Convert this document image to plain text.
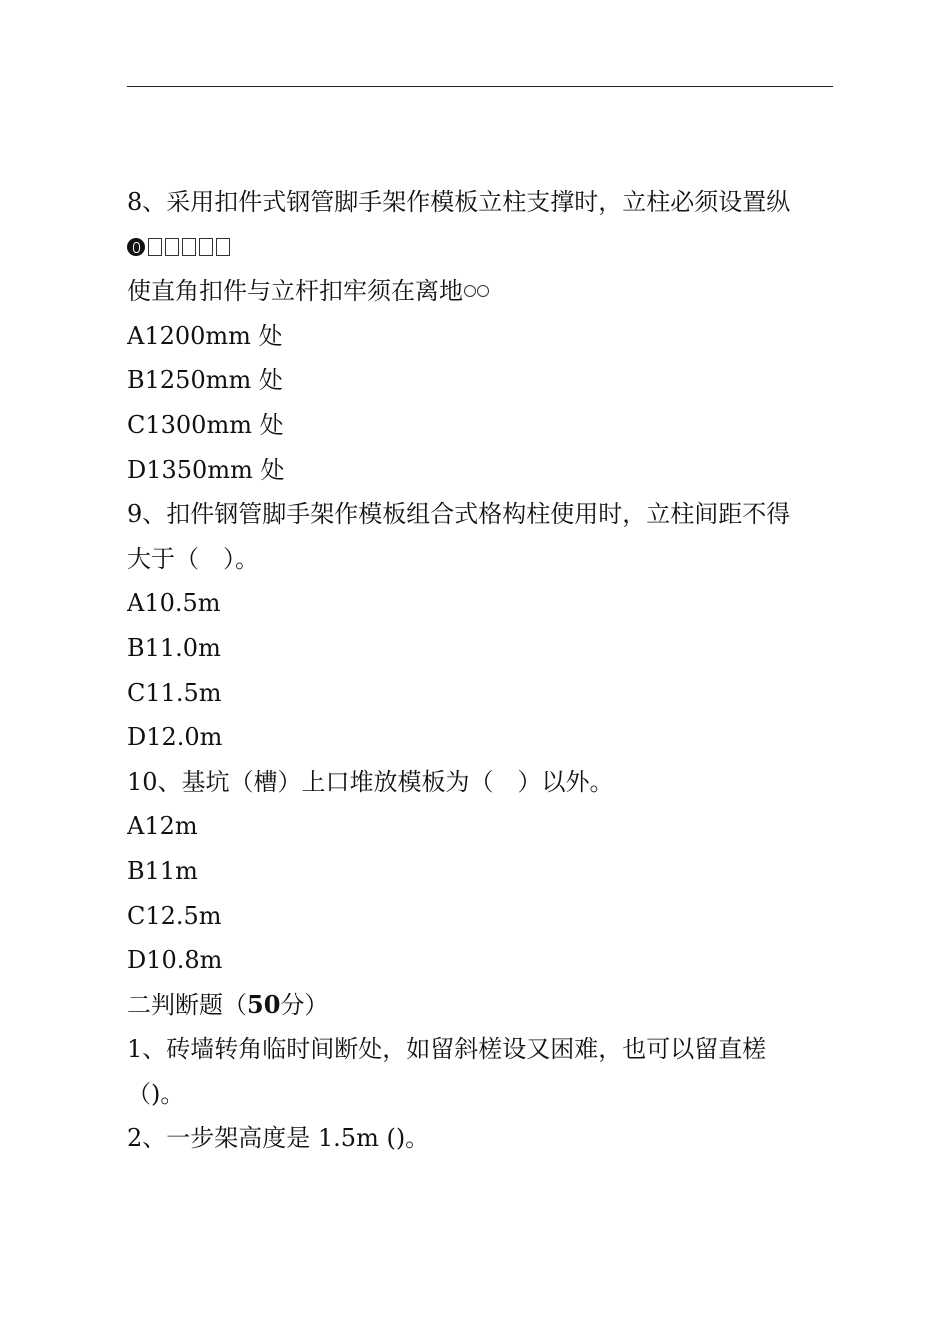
8、采用扣件式钢管脚手架作模板立柱支撑时，立柱必须设置纵
使直角扣件与立杆扣牢须在离地
A1200mm 处
B1250mm 处
C1300mm 处
D1350mm 处
9、扣件钢管脚手架作模板组合式格构柱使用时，立柱间距不得
大于（　）。
A10.5m
B11.0m
C11.5m
D12.0m
10、基坑（槽）上口堆放模板为（　）以外。
A12m
B11m
C12.5m
D10.8m
二判断题（50分）
1、砖墙转角临时间断处，如留斜槎设又困难，也可以留直槎
（)。
2、一步架高度是 1.5m ()。
